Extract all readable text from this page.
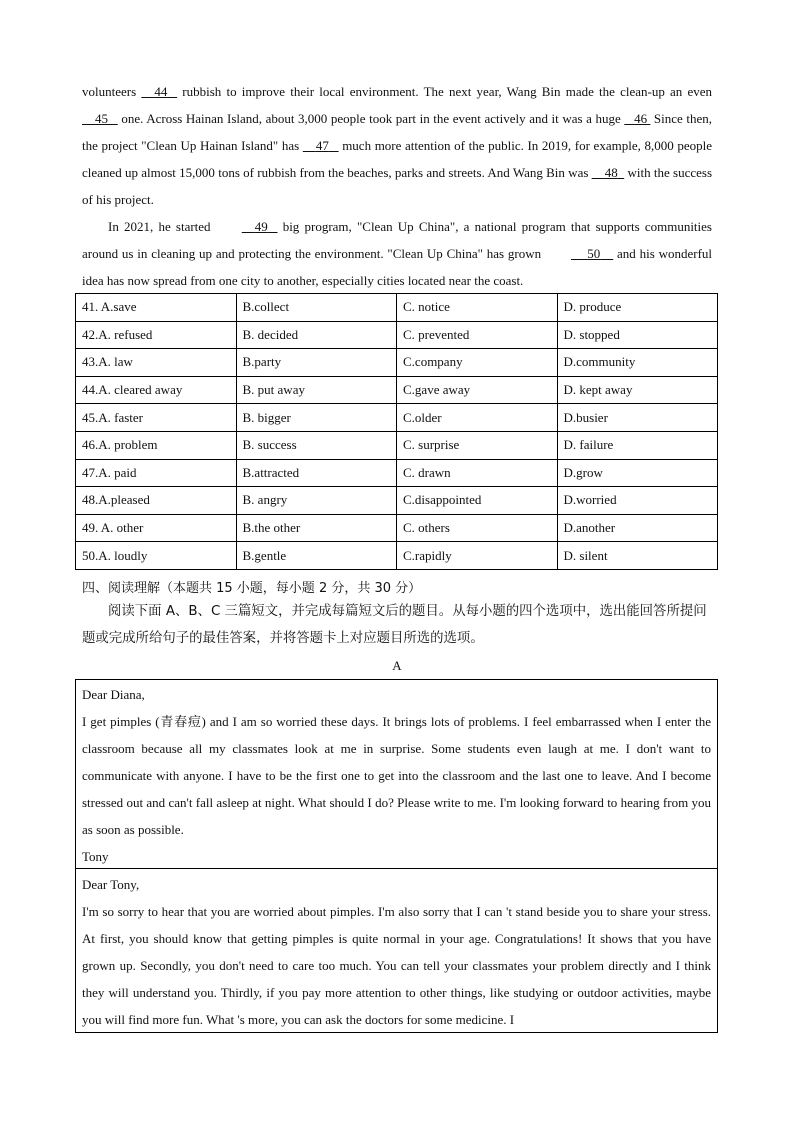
volunteers 44 rubbish to improve their local environment. The next year, Wang Bin made the clean-up an even     45 one. Across Hainan Island, about 3,000 people took part in the event actively and it was a huge 46 Since then, the project "Clean Up Hainan Island" has 47 much more attention of the public. In 2019, for example, 8,000 people cleaned up almost 15,000 tons of rubbish from the beaches, parks and streets. And Wang Bin was 48 with the success of his project.
In 2021, he started	49 big program, "Clean Up China", a national program that supports communities around us in cleaning up and protecting the environment. "Clean Up China" has grown	50 and his wonderful idea has now spread from one city to another, especially cities located near the coast.
41. A.save	B.collect	C. notice	D. produce
42.A. refused	B. decided	C. prevented	D. stopped
43.A. law	B.party	C.company	D.community
44.A. cleared away	B. put away	C.gave away	D. kept away
45.A. faster	B. bigger	C.older	D.busier
46.A. problem	B. success	C. surprise	D. failure
47.A. paid	B.attracted	C. drawn	D.grow
48.A.pleased	B. angry	C.disappointed	D.worried
49. A. other	B.the other	C. others	D.another
50.A. loudly	B.gentle	C.rapidly	D. silent
四、阅读理解（本题共 15 小题，每小题 2 分，共 30 分）
阅读下面 A、B、C 三篇短文，并完成每篇短文后的题目。从每小题的四个选项中，选出能回答所提问题或完成所给句子的最佳答案，并将答题卡上对应题目所选的选项。
A

Dear Diana,

I get pimples (青春痘) and I am so worried these days. It brings lots of problems. I feel embarrassed when I enter the classroom because all my classmates look at me in surprise. Some students even laugh at me. I don't want to communicate with anyone. I have to be the first one to get into the classroom and the last one to leave. And I become stressed out and can't fall asleep at night. What should I do? Please write to me. I'm looking forward to hearing from you as soon as possible.

Tony

Dear Tony,

I'm so sorry to hear that you are worried about pimples. I'm also sorry that I can 't stand beside you to share your stress. At first, you should know that getting pimples is quite normal in your age. Congratulations! It shows that you have grown up. Secondly, you don't need to care too much. You can tell your classmates your problem directly and I think they will understand you. Thirdly, if you pay more attention to other things, like studying or outdoor activities, maybe you will find more fun. What 's more, you can ask the doctors for some medicine. I
